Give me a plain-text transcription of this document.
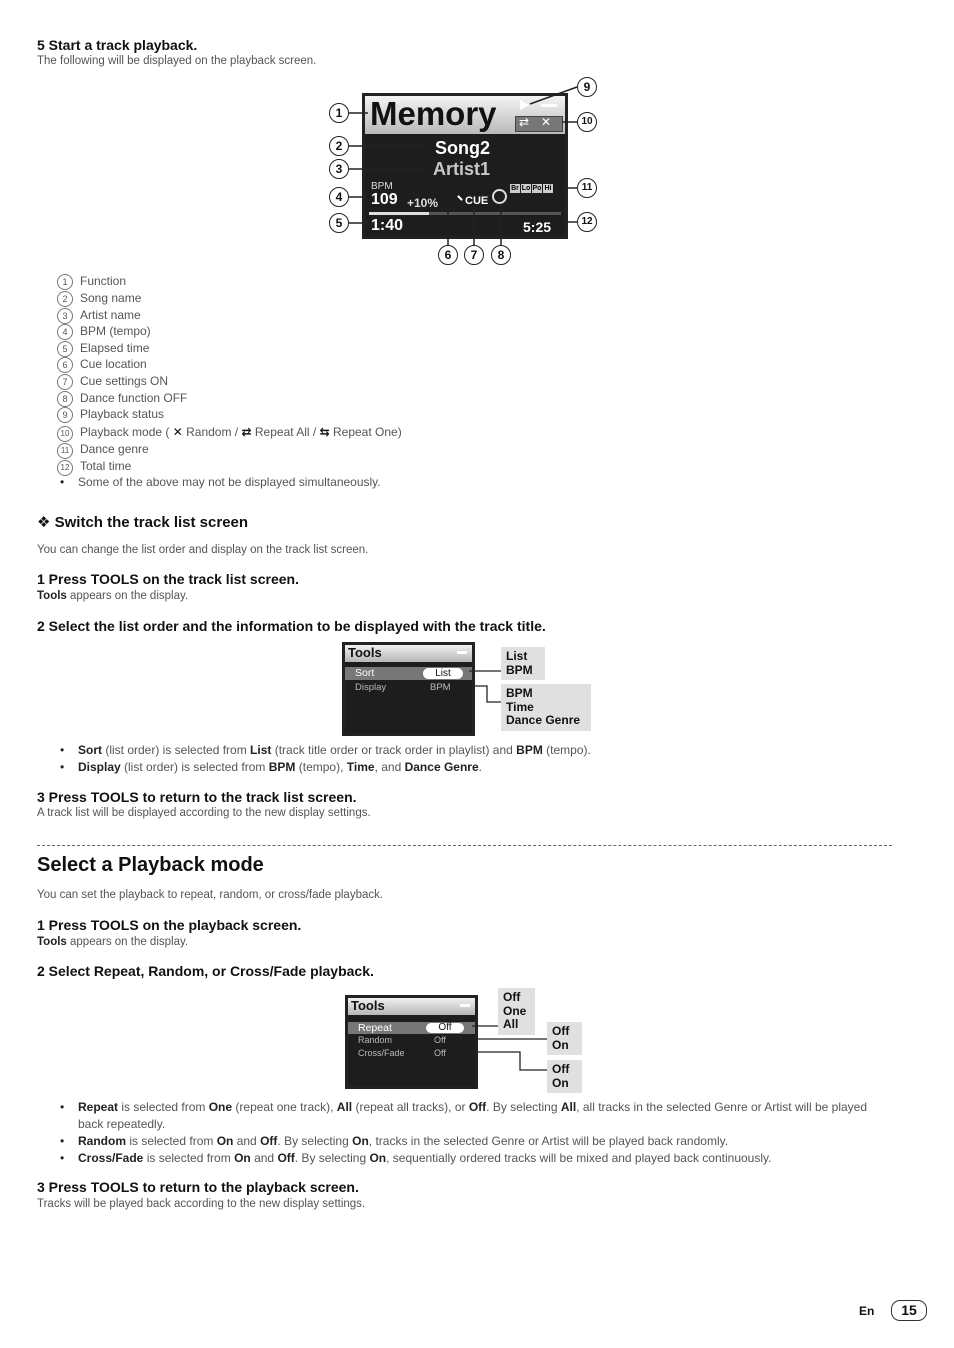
5 Start a track playback.
The following will be displayed on the playback screen.
Memory ⇄ ✕
Song2
Artist1
BPM
109 +10% CUE
Br Lo Po Hi
1:40	5:25
1
2
3
4
5
6	7	8
9
10
11
12
1 Function
2 Song name
3 Artist name
4 BPM (tempo)
5 Elapsed time
6 Cue location
7 Cue settings ON
8 Dance function OFF
9 Playback status
10 Playback mode ( ✕ Random / ⇄ Repeat All / ⇆ Repeat One)
11 Dance genre
12 Total time
• Some of the above may not be displayed simultaneously.
❖ Switch the track list screen
You can change the list order and display on the track list screen.
1 Press TOOLS on the track list screen.
Tools appears on the display.
2 Select the list order and the information to be displayed with the track title.
Tools
Sort	List
Display	BPM
List
BPM
BPM
Time
Dance Genre
• Sort (list order) is selected from List (track title order or track order in playlist) and BPM (tempo).
• Display (list order) is selected from BPM (tempo), Time, and Dance Genre.
3 Press TOOLS to return to the track list screen.
A track list will be displayed according to the new display settings.
Select a Playback mode
You can set the playback to repeat, random, or cross/fade playback.
1 Press TOOLS on the playback screen.
Tools appears on the display.
2 Select Repeat, Random, or Cross/Fade playback.
Tools
Repeat	Off
Random	Off
Cross/Fade	Off
Off
One
All	Off
On
Off
On
• Repeat is selected from One (repeat one track), All (repeat all tracks), or Off. By selecting All, all tracks in the selected Genre or Artist will be played back repeatedly.
• Random is selected from On and Off. By selecting On, tracks in the selected Genre or Artist will be played back randomly.
• Cross/Fade is selected from On and Off. By selecting On, sequentially ordered tracks will be mixed and played back continuously.
3 Press TOOLS to return to the playback screen.
Tracks will be played back according to the new display settings.
En	15
